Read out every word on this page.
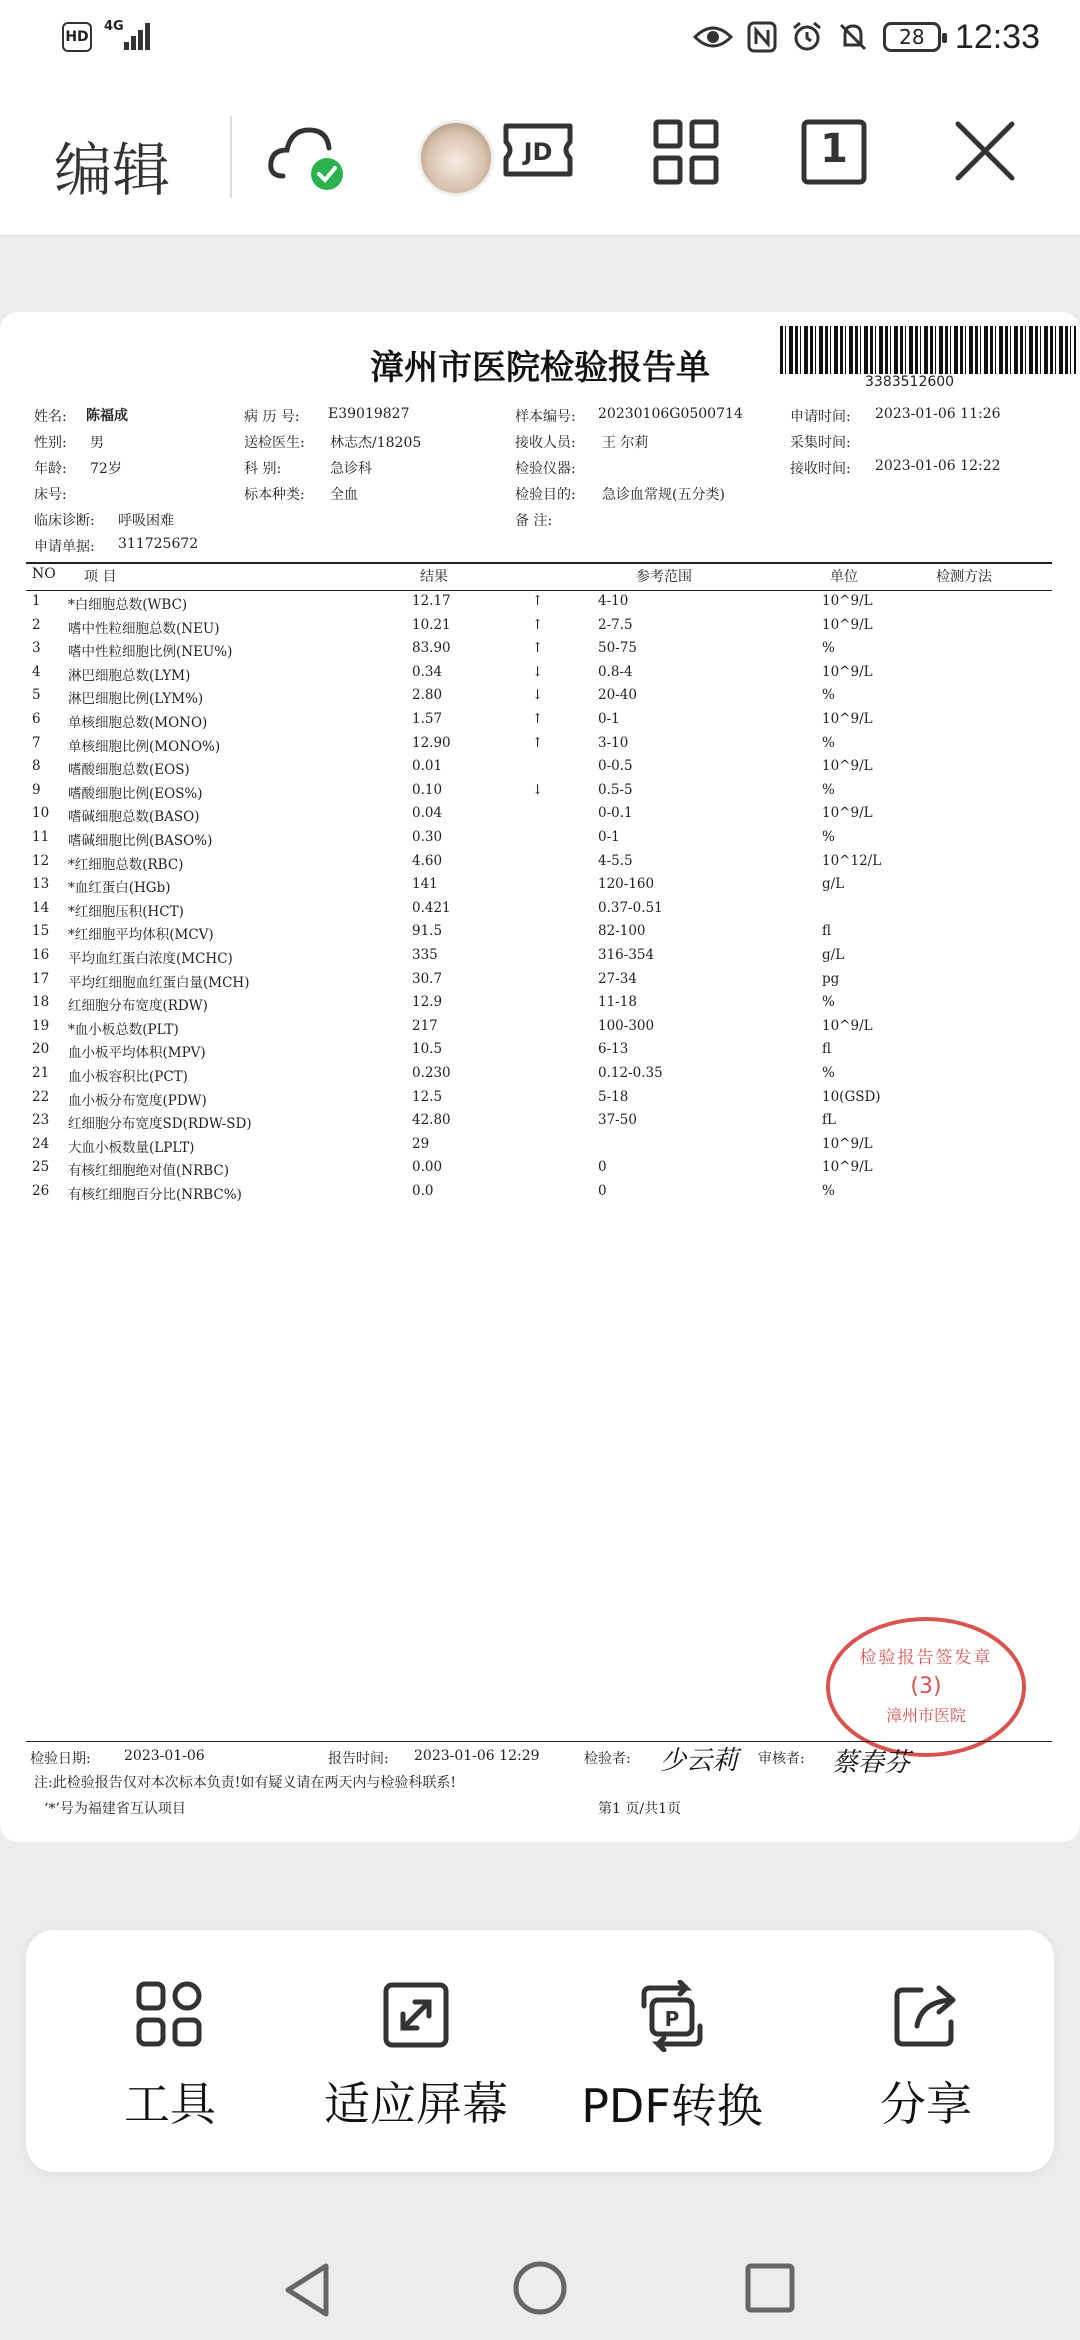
HD
4G	28 12:33
编辑	JD	1
漳州市医院检验报告单	3383512600
姓名: 陈福成	病 历 号: E39019827	样本编号: 20230106G0500714	申请时间: 2023-01-06 11:26
性别: 男	送检医生: 林志杰/18205	接收人员: 王 尔莉	采集时间:
年龄: 72岁	科 别:	急诊科	检验仪器:	接收时间: 2023-01-06 12:22
床号:	标本种类: 全血	检验目的: 急诊血常规(五分类)
临床诊断: 呼吸困难	备 注:
申请单据: 311725672
NO 项 目	结果	参考范围	单位	检测方法
1 *白细胞总数(WBC)	12.17	↑	4-10	10^9/L
2 嗜中性粒细胞总数(NEU)	10.21	↑	2-7.5	10^9/L
3 嗜中性粒细胞比例(NEU%)	83.90	↑	50-75	%
4 淋巴细胞总数(LYM)	0.34	↓	0.8-4	10^9/L
5 淋巴细胞比例(LYM%)	2.80	↓	20-40	%
6 单核细胞总数(MONO)	1.57	↑	0-1	10^9/L
7 单核细胞比例(MONO%)	12.90	↑	3-10	%
8 嗜酸细胞总数(EOS)	0.01	0-0.5	10^9/L
9 嗜酸细胞比例(EOS%)	0.10	↓	0.5-5	%
10 嗜碱细胞总数(BASO)	0.04	0-0.1	10^9/L
11 嗜碱细胞比例(BASO%)	0.30	0-1	%
12 *红细胞总数(RBC)	4.60	4-5.5	10^12/L
13 *血红蛋白(HGb)	141	120-160	g/L
14 *红细胞压积(HCT)	0.421	0.37-0.51
15 *红细胞平均体积(MCV)	91.5	82-100	fl
16 平均血红蛋白浓度(MCHC)	335	316-354	g/L
17 平均红细胞血红蛋白量(MCH)	30.7	27-34	pg
18 红细胞分布宽度(RDW)	12.9	11-18	%
19 *血小板总数(PLT)	217	100-300	10^9/L
20 血小板平均体积(MPV)	10.5	6-13	fl
21 血小板容积比(PCT)	0.230	0.12-0.35	%
22 血小板分布宽度(PDW)	12.5	5-18	10(GSD)
23 红细胞分布宽度SD(RDW-SD)	42.80	37-50	fL
24 大血小板数量(LPLT)	29	10^9/L
25 有核红细胞绝对值(NRBC)	0.00	0	10^9/L
26 有核红细胞百分比(NRBC%)	0.0	0	%
检验报告签发章
(3)
漳州市医院
检验日期: 2023-01-06	报告时间: 2023-01-06 12:29	检验者: 少云莉 审核者: 蔡春芬
注:此检验报告仅对本次标本负责!如有疑义请在两天内与检验科联系!
‘*’号为福建省互认项目	第1 页/共1页
工具	适应屏幕
P
PDF转换	分享
